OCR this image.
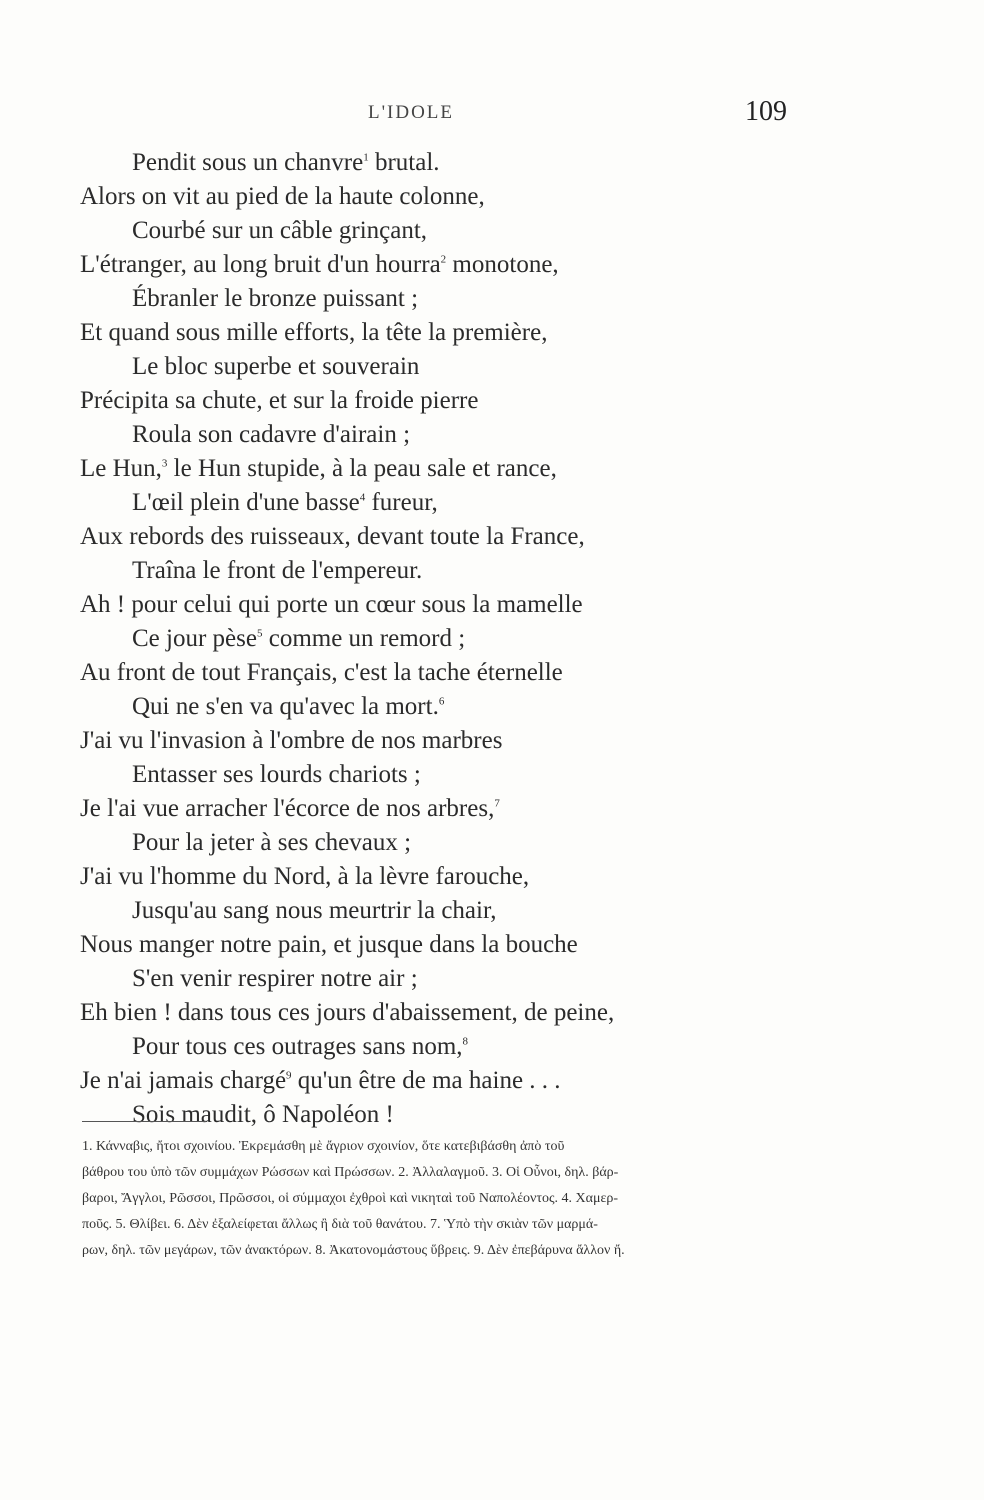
L'IDOLE	109
Pendit sous un chanvre$^1$ brutal.
Alors on vit au pied de la haute colonne,
Courbé sur un câble grinçant,
L'étranger, au long bruit d'un hourra$^2$ monotone,
Ébranler le bronze puissant ;
Et quand sous mille efforts, la tête la première,
Le bloc superbe et souverain
Précipita sa chute, et sur la froide pierre
Roula son cadavre d'airain ;
Le Hun,$^3$ le Hun stupide, à la peau sale et rance,
L'œil plein d'une basse$^4$ fureur,
Aux rebords des ruisseaux, devant toute la France,
Traîna le front de l'empereur.
Ah ! pour celui qui porte un cœur sous la mamelle
Ce jour pèse$^5$ comme un remord ;
Au front de tout Français, c'est la tache éternelle
Qui ne s'en va qu'avec la mort.$^6$
J'ai vu l'invasion à l'ombre de nos marbres
Entasser ses lourds chariots ;
Je l'ai vue arracher l'écorce de nos arbres,$^7$
Pour la jeter à ses chevaux ;
J'ai vu l'homme du Nord, à la lèvre farouche,
Jusqu'au sang nous meurtrir la chair,
Nous manger notre pain, et jusque dans la bouche
S'en venir respirer notre air ;
Eh bien ! dans tous ces jours d'abaissement, de peine,
Pour tous ces outrages sans nom,$^8$
Je n'ai jamais chargé$^9$ qu'un être de ma haine . . .
Sois maudit, ô Napoléon !
1. Κάνναβις, ἤτοι σχοινίου. Ἐκρεμάσθη μὲ ἄγριον σχοινίον, ὅτε κατεβιβάσθη ἀπὸ τοῦ
βάθρου του ὑπὸ τῶν συμμάχων Ρώσσων καὶ Πρώσσων. 2. Ἀλλαλαγμοῦ. 3. Οἱ Οὖνοι, δηλ. βάρ-
βαροι, Ἄγγλοι, Ρῶσσοι, Πρῶσσοι, οἱ σύμμαχοι ἐχθροὶ καὶ νικηταὶ τοῦ Ναπολέοντος. 4. Χαμερ-
ποῦς. 5. Θλίβει. 6. Δὲν ἐξαλείφεται ἄλλως ἢ διὰ τοῦ θανάτου. 7. Ὑπὸ τὴν σκιὰν τῶν μαρμά-
ρων, δηλ. τῶν μεγάρων, τῶν ἀνακτόρων. 8. Ἀκατονομάστους ὕβρεις. 9. Δὲν ἐπεβάρυνα ἄλλον ἤ.
